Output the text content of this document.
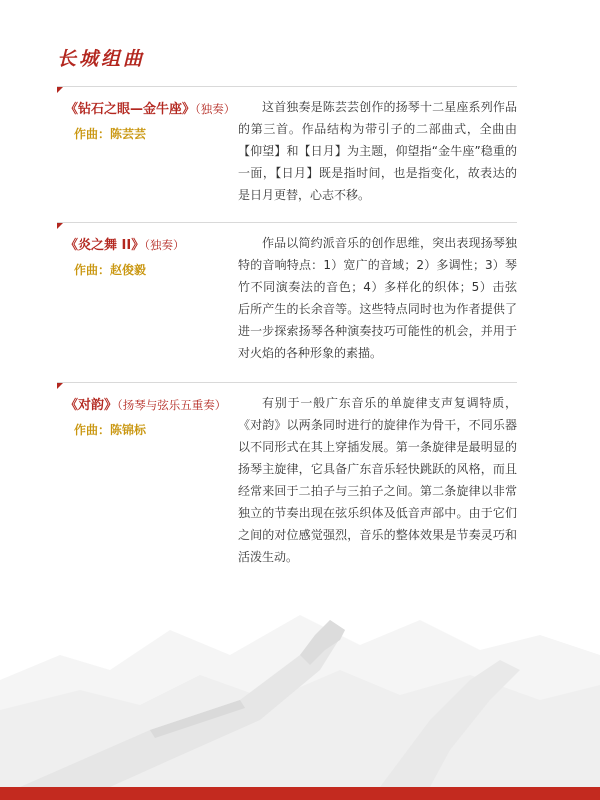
长城组曲
《钻石之眼—金牛座》（独奏）
作曲：陈芸芸

这首独奏是陈芸芸创作的扬琴十二星座系列作品的第三首。作品结构为带引子的二部曲式，全曲由【仰望】和【日月】为主题，仰望指“金牛座”稳重的一面，【日月】既是指时间，也是指变化，故表达的是日月更替，心志不移。

《炎之舞 II》（独奏）
作曲：赵俊毅

作品以简约派音乐的创作思维，突出表现扬琴独特的音响特点：1）宽广的音域；2）多调性；3）琴竹不同演奏法的音色；4）多样化的织体；5）击弦后所产生的长余音等。这些特点同时也为作者提供了进一步探索扬琴各种演奏技巧可能性的机会，并用于对火焰的各种形象的素描。

《对韵》（扬琴与弦乐五重奏）
作曲：陈锦标

有别于一般广东音乐的单旋律支声复调特质，《对韵》以两条同时进行的旋律作为骨干，不同乐器以不同形式在其上穿插发展。第一条旋律是最明显的扬琴主旋律，它具备广东音乐轻快跳跃的风格，而且经常来回于二拍子与三拍子之间。第二条旋律以非常独立的节奏出现在弦乐织体及低音声部中。由于它们之间的对位感觉强烈，音乐的整体效果是节奏灵巧和活泼生动。
